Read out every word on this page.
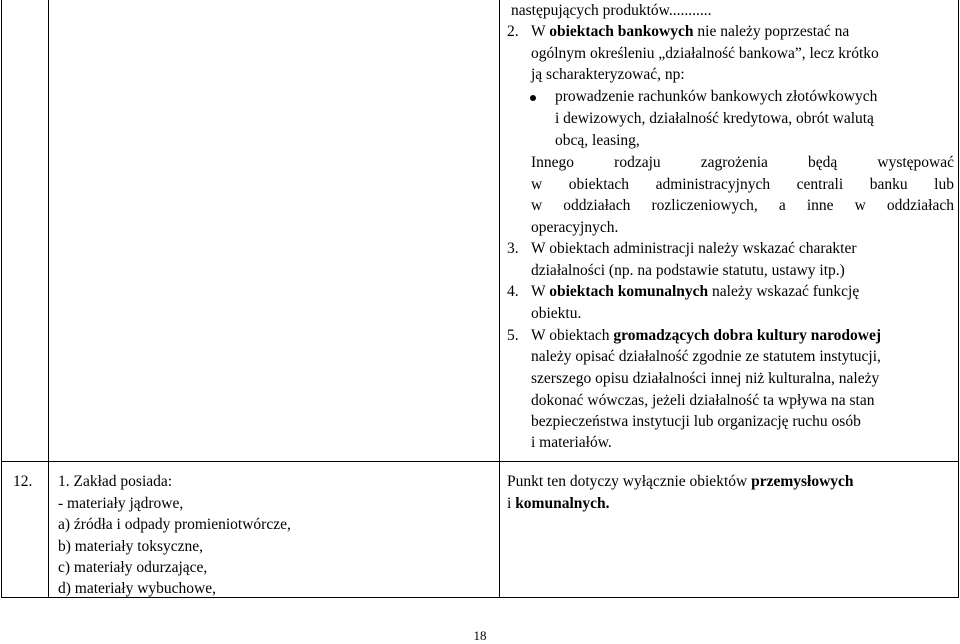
następujących produktów...........
2. W obiektach bankowych nie należy poprzestać na
ogólnym określeniu „działalność bankowa”, lecz krótko
ją scharakteryzować, np:
prowadzenie rachunków bankowych złotówkowych
i dewizowych, działalność kredytowa, obrót walutą
obcą, leasing,
Innego rodzaju zagrożenia będą występować
w obiektach administracyjnych centrali banku lub
w oddziałach rozliczeniowych, a inne w oddziałach
operacyjnych.
3. W obiektach administracji należy wskazać charakter
działalności (np. na podstawie statutu, ustawy itp.)
4. W obiektach komunalnych należy wskazać funkcję
obiektu.
5. W obiektach gromadzących dobra kultury narodowej
należy opisać działalność zgodnie ze statutem instytucji,
szerszego opisu działalności innej niż kulturalna, należy
dokonać wówczas, jeżeli działalność ta wpływa na stan
bezpieczeństwa instytucji lub organizację ruchu osób
i materiałów.
12. 1. Zakład posiada:
- materiały jądrowe,
a) źródła i odpady promieniotwórcze,
b) materiały toksyczne,
c) materiały odurzające,
d) materiały wybuchowe,
Punkt ten dotyczy wyłącznie obiektów przemysłowych
i komunalnych.
18
